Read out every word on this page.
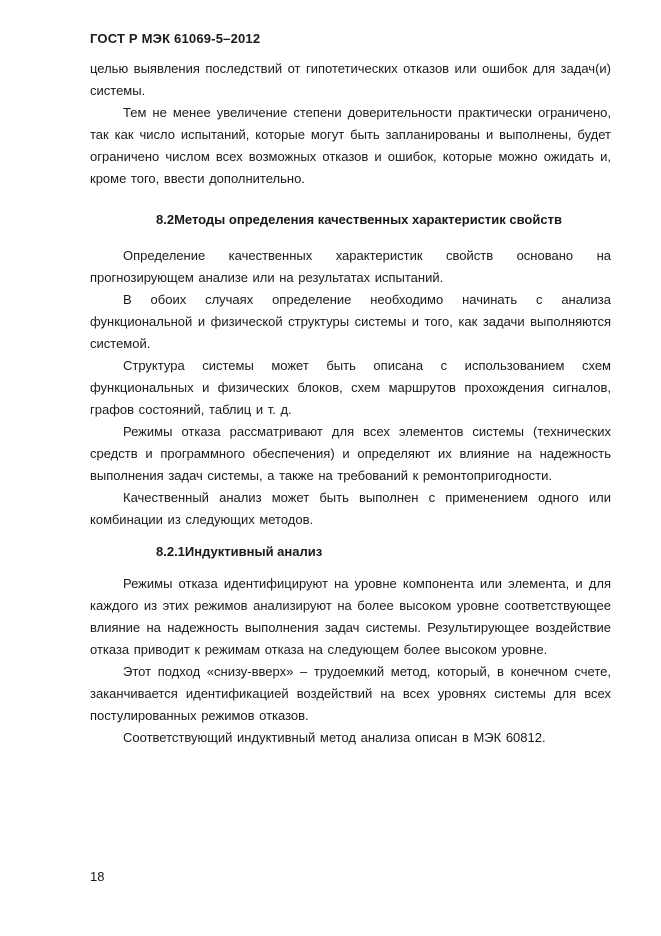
ГОСТ Р МЭК 61069-5–2012

целью выявления последствий от гипотетических отказов или ошибок для задач(и) системы.

Тем не менее увеличение степени доверительности практически ограничено, так как число испытаний, которые могут быть запланированы и выполнены, будет ограничено числом всех возможных отказов и ошибок, которые можно ожидать и, кроме того, ввести дополнительно.

8.2Методы определения качественных характеристик свойств

Определение качественных характеристик свойств основано на прогнозирующем анализе или на результатах испытаний.

В обоих случаях определение необходимо начинать с анализа функциональной и физической структуры системы и того, как задачи выполняются системой.

Структура системы может быть описана с использованием схем функциональных и физических блоков, схем маршрутов прохождения сигналов, графов состояний, таблиц и т. д.

Режимы отказа рассматривают для всех элементов системы (технических средств и программного обеспечения) и определяют их влияние на надежность выполнения задач системы, а также на требований к ремонтопригодности.

Качественный анализ может быть выполнен с применением одного или комбинации из следующих методов.

8.2.1Индуктивный анализ

Режимы отказа идентифицируют на уровне компонента или элемента, и для каждого из этих режимов анализируют на более высоком уровне соответствующее влияние на надежность выполнения задач системы. Результирующее воздействие отказа приводит к режимам отказа на следующем более высоком уровне.

Этот подход «снизу-вверх» – трудоемкий метод, который, в конечном счете, заканчивается идентификацией воздействий на всех уровнях системы для всех постулированных режимов отказов.

Соответствующий индуктивный метод анализа описан в МЭК 60812.

18
